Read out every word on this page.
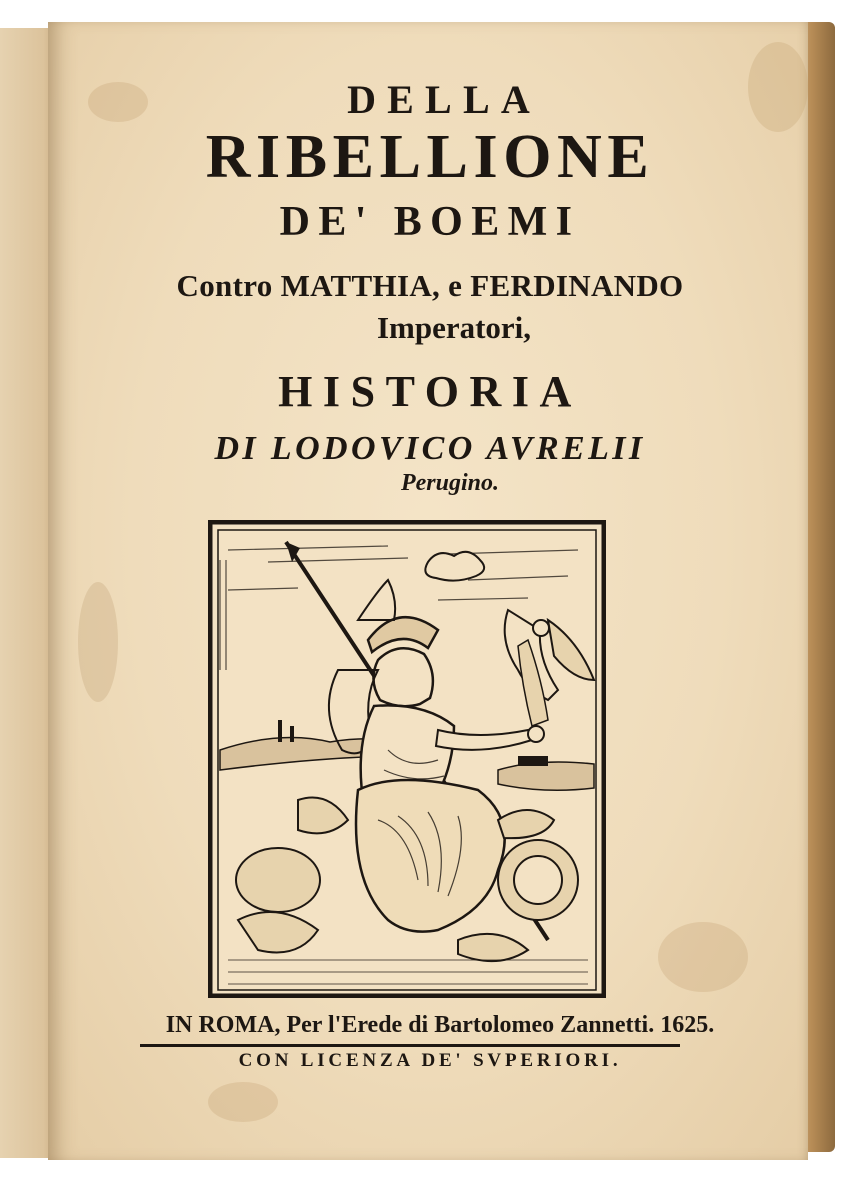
DELLA
RIBELLIONE
DE' BOEMI
Contro MATTHIA, e FERDINANDO
Imperatori,
HISTORIA
DI LODOVICO AVRELII
Perugino.
IN ROMA, Per l'Erede di Bartolomeo Zannetti. 1625.
CON LICENZA DE' SVPERIORI.
